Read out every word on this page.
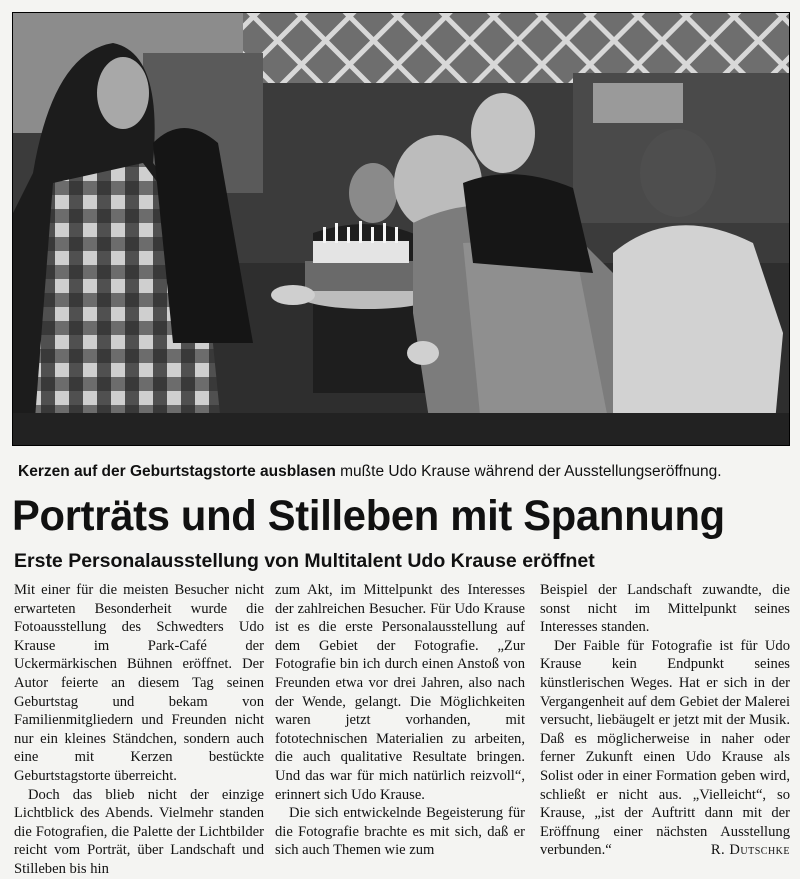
Kerzen auf der Geburtstagstorte ausblasen mußte Udo Krause während der Ausstellungseröffnung.
Porträts und Stilleben mit Spannung
Erste Personalausstellung von Multitalent Udo Krause eröffnet

Mit einer für die meisten Besucher nicht erwarteten Besonderheit wurde die Fotoausstellung des Schwedters Udo Krause im Park-Café der Uckermärkischen Bühnen eröffnet. Der Autor feierte an diesem Tag seinen Geburtstag und bekam von Familienmitgliedern und Freunden nicht nur ein kleines Ständchen, sondern auch eine mit Kerzen bestückte Geburtstagstorte überreicht.

Doch das blieb nicht der einzige Lichtblick des Abends. Vielmehr standen die Fotografien, die Palette der Lichtbilder reicht vom Porträt, über Landschaft und Stilleben bis hin

zum Akt, im Mittelpunkt des Interesses der zahlreichen Besucher. Für Udo Krause ist es die erste Personalausstellung auf dem Gebiet der Fotografie. „Zur Fotografie bin ich durch einen Anstoß von Freunden etwa vor drei Jahren, also nach der Wende, gelangt. Die Möglichkeiten waren jetzt vorhanden, mit fototechnischen Materialien zu arbeiten, die auch qualitative Resultate bringen. Und das war für mich natürlich reizvoll“, erinnert sich Udo Krause.

Die sich entwickelnde Begeisterung für die Fotografie brachte es mit sich, daß er sich auch Themen wie zum

Beispiel der Landschaft zuwandte, die sonst nicht im Mittelpunkt seines Interesses standen.

Der Faible für Fotografie ist für Udo Krause kein Endpunkt seines künstlerischen Weges. Hat er sich in der Vergangenheit auf dem Gebiet der Malerei versucht, liebäugelt er jetzt mit der Musik. Daß es möglicherweise in naher oder ferner Zukunft einen Udo Krause als Solist oder in einer Formation geben wird, schließt er nicht aus. „Vielleicht“, so Krause, „ist der Auftritt dann mit der Eröffnung einer nächsten Ausstellung verbunden.“	R. Dutschke
